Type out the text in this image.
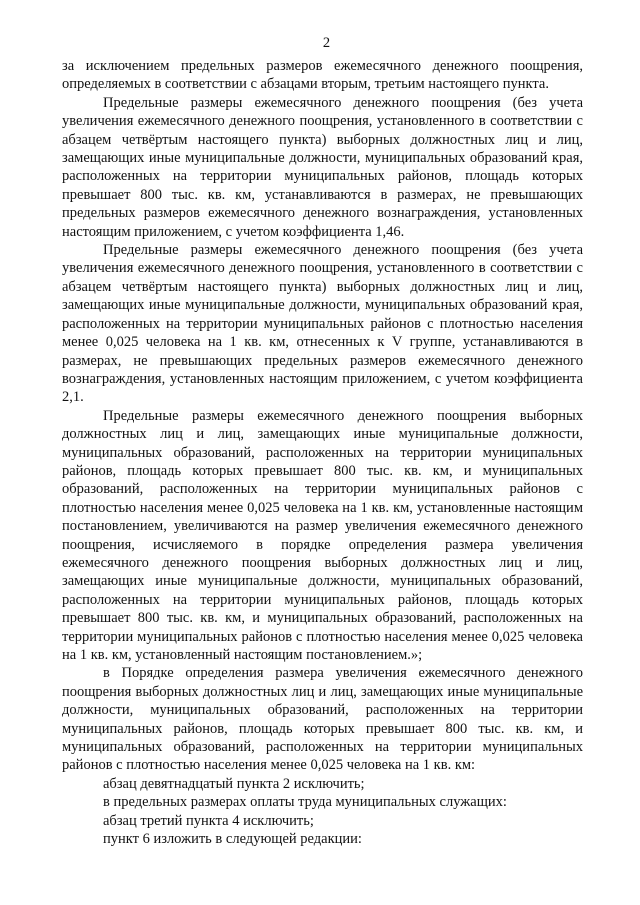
2

за исключением предельных размеров ежемесячного денежного поощрения, определяемых в соответствии с абзацами вторым, третьим настоящего пункта.

Предельные размеры ежемесячного денежного поощрения (без учета увеличения ежемесячного денежного поощрения, установленного в соответствии с абзацем четвёртым настоящего пункта) выборных должностных лиц и лиц, замещающих иные муниципальные должности, муниципальных образований края, расположенных на территории муниципальных районов, площадь которых превышает 800 тыс. кв. км, устанавливаются в размерах, не превышающих предельных размеров ежемесячного денежного вознаграждения, установленных настоящим приложением, с учетом коэффициента 1,46.

Предельные размеры ежемесячного денежного поощрения (без учета увеличения ежемесячного денежного поощрения, установленного в соответствии с абзацем четвёртым настоящего пункта) выборных должностных лиц и лиц, замещающих иные муниципальные должности, муниципальных образований края, расположенных на территории муниципальных районов с плотностью населения менее 0,025 человека на 1 кв. км, отнесенных к V группе, устанавливаются в размерах, не превышающих предельных размеров ежемесячного денежного вознаграждения, установленных настоящим приложением, с учетом коэффициента 2,1.

Предельные размеры ежемесячного денежного поощрения выборных должностных лиц и лиц, замещающих иные муниципальные должности, муниципальных образований, расположенных на территории муниципальных районов, площадь которых превышает 800 тыс. кв. км, и муниципальных образований, расположенных на территории муниципальных районов с плотностью населения менее 0,025 человека на 1 кв. км, установленные настоящим постановлением, увеличиваются на размер увеличения ежемесячного денежного поощрения, исчисляемого в порядке определения размера увеличения ежемесячного денежного поощрения выборных должностных лиц и лиц, замещающих иные муниципальные должности, муниципальных образований, расположенных на территории муниципальных районов, площадь которых превышает 800 тыс. кв. км, и муниципальных образований, расположенных на территории муниципальных районов с плотностью населения менее 0,025 человека на 1 кв. км, установленный настоящим постановлением.»;

в Порядке определения размера увеличения ежемесячного денежного поощрения выборных должностных лиц и лиц, замещающих иные муниципальные должности, муниципальных образований, расположенных на территории муниципальных районов, площадь которых превышает 800 тыс. кв. км, и муниципальных образований, расположенных на территории муниципальных районов с плотностью населения менее 0,025 человека на 1 кв. км:

абзац девятнадцатый пункта 2 исключить;

в предельных размерах оплаты труда муниципальных служащих:

абзац третий пункта 4 исключить;

пункт 6 изложить в следующей редакции:
